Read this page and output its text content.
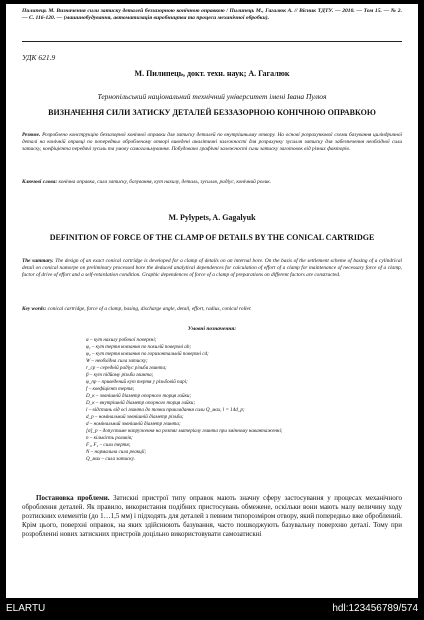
Пилипець М. Визначення сили затиску деталей беззазорною конічною оправкою / Пилипець М., Гагалюк А. // Вісник ТДТУ. — 2010. — Том 15. — № 2. — С. 116-120. — (машинобудування, автоматизація виробництва та процеси механічної обробки).

УДК 621.9

М. Пилипець, докт. техн. наук; А. Гагалюк

Тернопільський національний технічний університет імені Івана Пулюя

ВИЗНАЧЕННЯ СИЛИ ЗАТИСКУ ДЕТАЛЕЙ БЕЗЗАЗОРНОЮ КОНІЧНОЮ ОПРАВКОЮ

Резюме. Розроблено конструкцію беззазорної конічної оправки для затиску деталей по внутрішньому отвору. На основі розрахункової схеми базування циліндричної деталі на конічній оправці по попередньо обробленому отворі виведені аналітичні залежності для розрахунку зусилля затиску для забезпечення необхідної сили затиску, коефіцієнта передачі зусиль та умову самогальмування. Побудовано графічні залежності сили затиску заготовок від різних факторів.

Ключові слова: конічна оправка, сила затиску, базування, кут нахилу, деталь, зусилля, радіус, конічний ролик.

M. Pylypets, A. Gagalyuk

DEFINITION OF FORCE OF THE CLAMP OF DETAILS BY THE CONICAL CARTRIDGE

The summary. The design of an exact conical cartridge is developed for a clamp of details on an internal bore. On the basis of the settlement scheme of basing of a cylindrical detail on conical namorpe on preliminary processed bore the deduced analytical dependences for calculation of effort of a clamp for maintenance of necessary force of a clamp, factor of drive of effort and a self-retardation condition. Graphic dependences of force of a clamp of preparations on different factors are constructed.

Key words: conical cartridge, force of a clamp, basing, discharge angle, detail, effort, radius, conical roller.

Умовні позначення:

α – кут нахилу робочої поверхні;
φ₁ – кут тертя ковзання по похилій поверхні ab;
φ₂ – кут тертя ковзання по горизонтальній поверхні cd;
W – необхідна сила затиску;
r_ср – середній радіус різьби гвинта;
β – кут підйому різьби гвинта;
φ_пр – приведений кут тертя у різьбовій парі;
f – коефіцієнт тертя;
D_к – зовнішній діаметр опорного торця гайки;
D_к – внутрішній діаметр опорного торця гайки;
l – відстань від осі гвинта до точки прикладання сили Q_мах, l = 14d_p;
d_p – номінальний зовнішній діаметр різьби;
d – номінальний зовнішній діаметр гвинта;
[σ]_p – допустиме напруження на розтяг матеріалу гвинта при змінному навантаженні;
n – кількість роликів;
F₁, F₂ – сили тертя;
N – нормальна сила реакції;
Q_мах – сила затиску.

Постановка проблеми. Затискні пристрої типу оправок мають значну сферу застосування у процесах механічного оброблення деталей. Як правило, використання подібних пристосувань обмежене, оскільки вони мають малу величину ходу розтискних елементів (до 1…1,5 мм) і підходять для деталей з певним типорозміром отвору, який попередньо вже оброблений. Крім цього, поверхні оправок, на яких здійснюють базування, часто пошкоджують базувальну поверхню деталі. Тому при розробленні нових затискних пристроїв доцільно використовувати самозатискні

ELARTU	hdl:123456789/574
